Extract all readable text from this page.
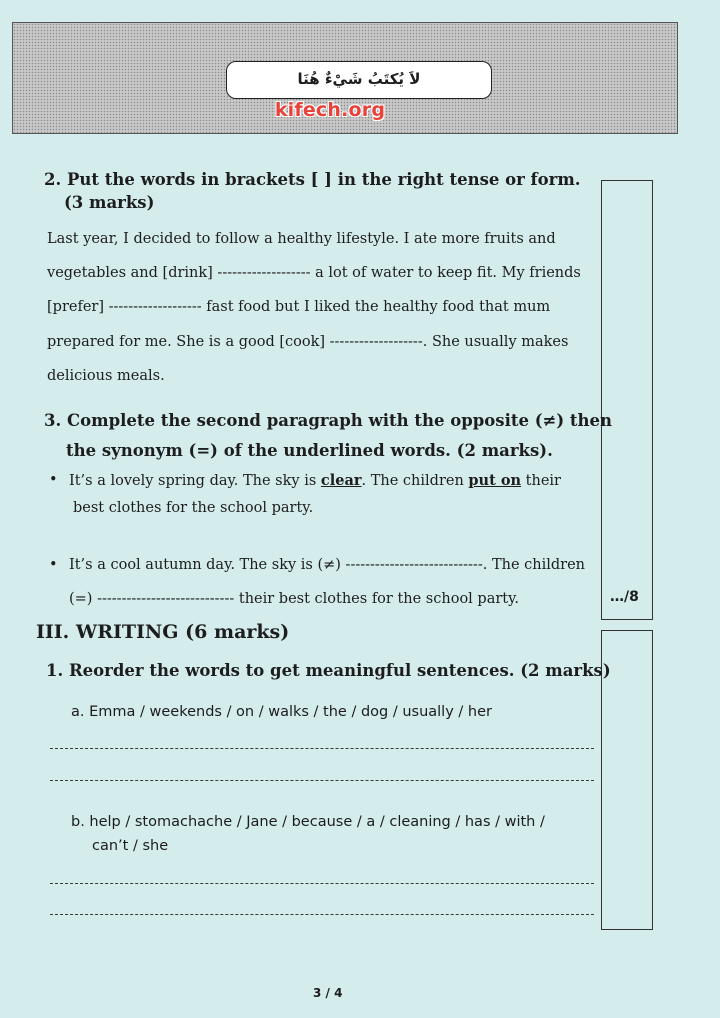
لاَ يُكتَبُ شَيْءٌ هُنَا
kifech.org
…/8
2. Put the words in brackets [ ] in the right tense or form.
(3 marks)
Last year, I decided to follow a healthy lifestyle. I ate more fruits and
vegetables and [drink] ------------------- a lot of water to keep fit. My friends
[prefer] ------------------- fast food but I liked the healthy food that mum
prepared for me. She is a good [cook] -------------------. She usually makes
delicious meals.
3. Complete the second paragraph with the opposite (≠) then
the synonym (=) of the underlined words. (2 marks).
• It’s a lovely spring day. The sky is clear. The children put on their
best clothes for the school party.
• It’s a cool autumn day. The sky is (≠) ----------------------------. The children
(=) ---------------------------- their best clothes for the school party.
III. WRITING (6 marks)
1. Reorder the words to get meaningful sentences. (2 marks)
a. Emma / weekends / on / walks / the / dog / usually / her
b. help / stomachache / Jane / because / a / cleaning / has / with /
can’t / she
3 / 4
